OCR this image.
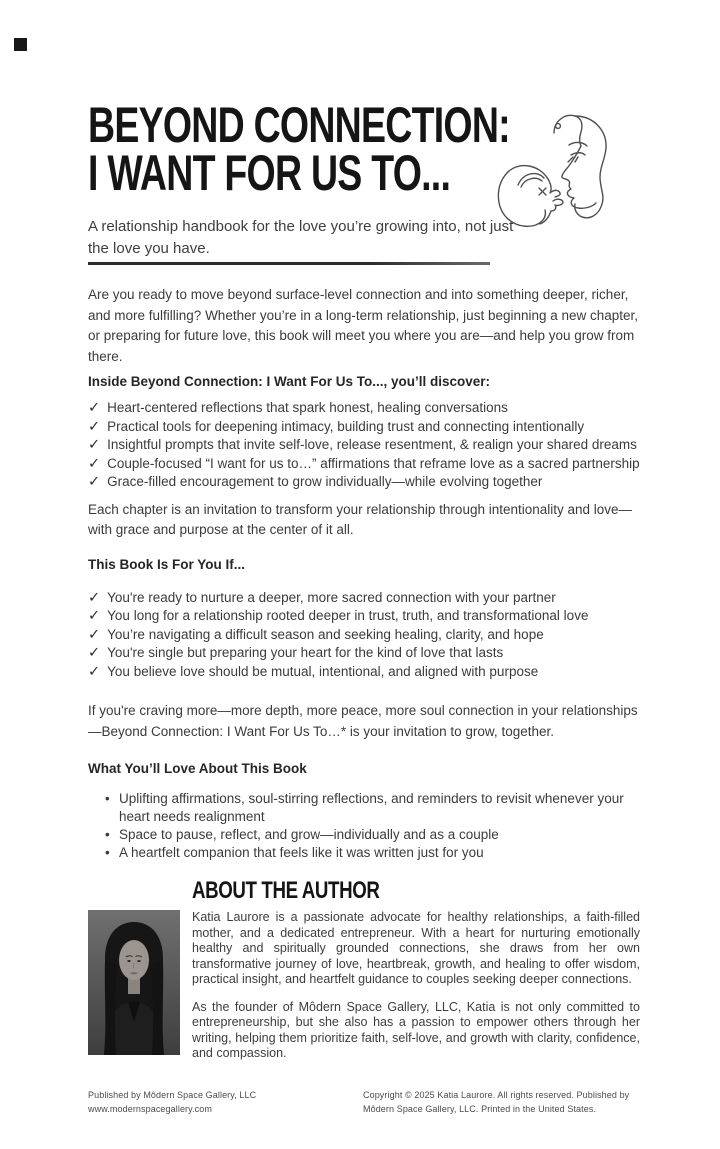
BEYOND CONNECTION:
I WANT FOR US TO...
A relationship handbook for the love you’re growing into, not just the love you have.

Are you ready to move beyond surface-level connection and into something deeper, richer, and more fulfilling? Whether you’re in a long-term relationship, just beginning a new chapter, or preparing for future love, this book will meet you where you are—and help you grow from there.

Inside Beyond Connection: I Want For Us To..., you’ll discover:
✓ Heart-centered reflections that spark honest, healing conversations
✓ Practical tools for deepening intimacy, building trust and connecting intentionally
✓ Insightful prompts that invite self-love, release resentment, & realign your shared dreams
✓ Couple-focused “I want for us to…” affirmations that reframe love as a sacred partnership
✓ Grace-filled encouragement to grow individually—while evolving together

Each chapter is an invitation to transform your relationship through intentionality and love—with grace and purpose at the center of it all.

This Book Is For You If...
✓ You're ready to nurture a deeper, more sacred connection with your partner
✓ You long for a relationship rooted deeper in trust, truth, and transformational love
✓ You’re navigating a difficult season and seeking healing, clarity, and hope
✓ You're single but preparing your heart for the kind of love that lasts
✓ You believe love should be mutual, intentional, and aligned with purpose

If you're craving more—more depth, more peace, more soul connection in your relationships—Beyond Connection: I Want For Us To…* is your invitation to grow, together.

What You’ll Love About This Book
• Uplifting affirmations, soul-stirring reflections, and reminders to revisit whenever your heart needs realignment
• Space to pause, reflect, and grow—individually and as a couple
• A heartfelt companion that feels like it was written just for you
ABOUT THE AUTHOR

Katia Laurore is a passionate advocate for healthy relationships, a faith-filled mother, and a dedicated entrepreneur. With a heart for nurturing emotionally healthy and spiritually grounded connections, she draws from her own transformative journey of love, heartbreak, growth, and healing to offer wisdom, practical insight, and heartfelt guidance to couples seeking deeper connections.

As the founder of Môdern Space Gallery, LLC, Katia is not only committed to entrepreneurship, but she also has a passion to empower others through her writing, helping them prioritize faith, self-love, and growth with clarity, confidence, and compassion.

Published by Môdern Space Gallery, LLC
www.modernspacegallery.com
Copyright © 2025 Katia Laurore. All rights reserved. Published by Môdern Space Gallery, LLC. Printed in the United States.
